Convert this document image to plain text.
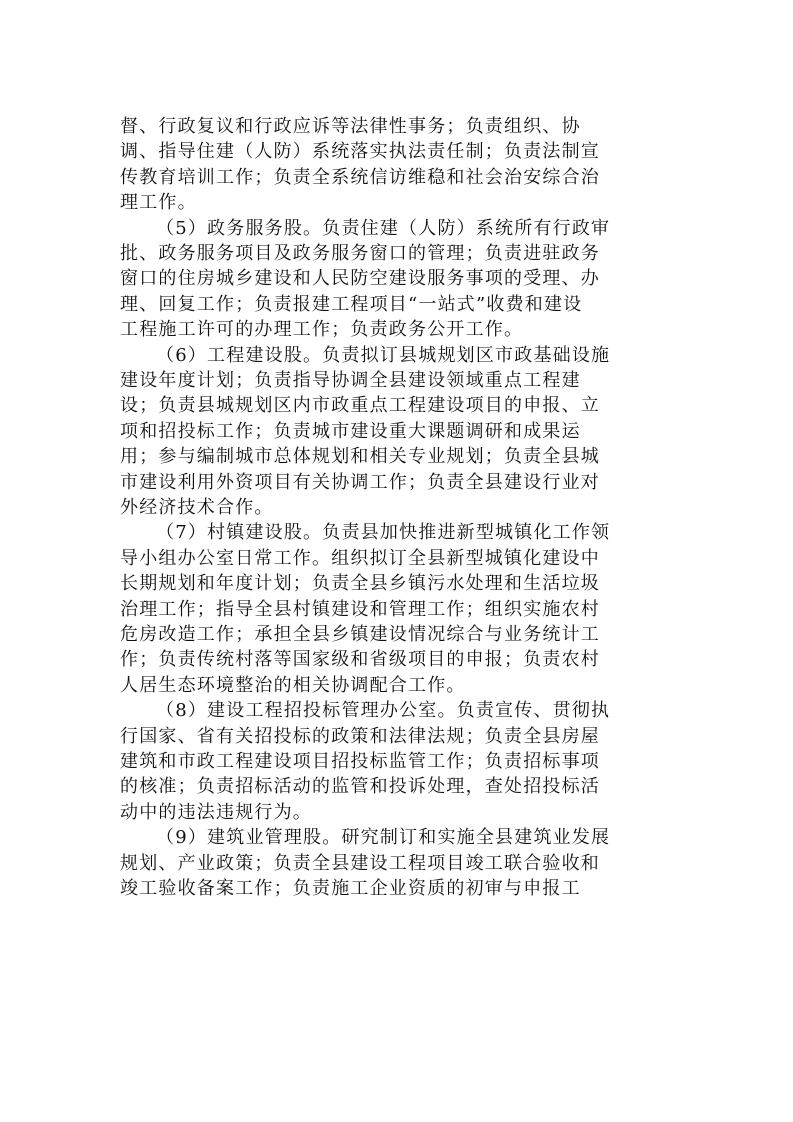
督、行政复议和行政应诉等法律性事务；负责组织、协
调、指导住建（人防）系统落实执法责任制；负责法制宣
传教育培训工作；负责全系统信访维稳和社会治安综合治
理工作。
（5）政务服务股。负责住建（人防）系统所有行政审
批、政务服务项目及政务服务窗口的管理；负责进驻政务
窗口的住房城乡建设和人民防空建设服务事项的受理、办
理、回复工作；负责报建工程项目“一站式”收费和建设
工程施工许可的办理工作；负责政务公开工作。
（6）工程建设股。负责拟订县城规划区市政基础设施
建设年度计划；负责指导协调全县建设领域重点工程建
设；负责县城规划区内市政重点工程建设项目的申报、立
项和招投标工作；负责城市建设重大课题调研和成果运
用；参与编制城市总体规划和相关专业规划；负责全县城
市建设利用外资项目有关协调工作；负责全县建设行业对
外经济技术合作。
（7）村镇建设股。负责县加快推进新型城镇化工作领
导小组办公室日常工作。组织拟订全县新型城镇化建设中
长期规划和年度计划；负责全县乡镇污水处理和生活垃圾
治理工作；指导全县村镇建设和管理工作；组织实施农村
危房改造工作；承担全县乡镇建设情况综合与业务统计工
作；负责传统村落等国家级和省级项目的申报；负责农村
人居生态环境整治的相关协调配合工作。
（8）建设工程招投标管理办公室。负责宣传、贯彻执
行国家、省有关招投标的政策和法律法规；负责全县房屋
建筑和市政工程建设项目招投标监管工作；负责招标事项
的核准；负责招标活动的监管和投诉处理，查处招投标活
动中的违法违规行为。
（9）建筑业管理股。研究制订和实施全县建筑业发展
规划、产业政策；负责全县建设工程项目竣工联合验收和
竣工验收备案工作；负责施工企业资质的初审与申报工
